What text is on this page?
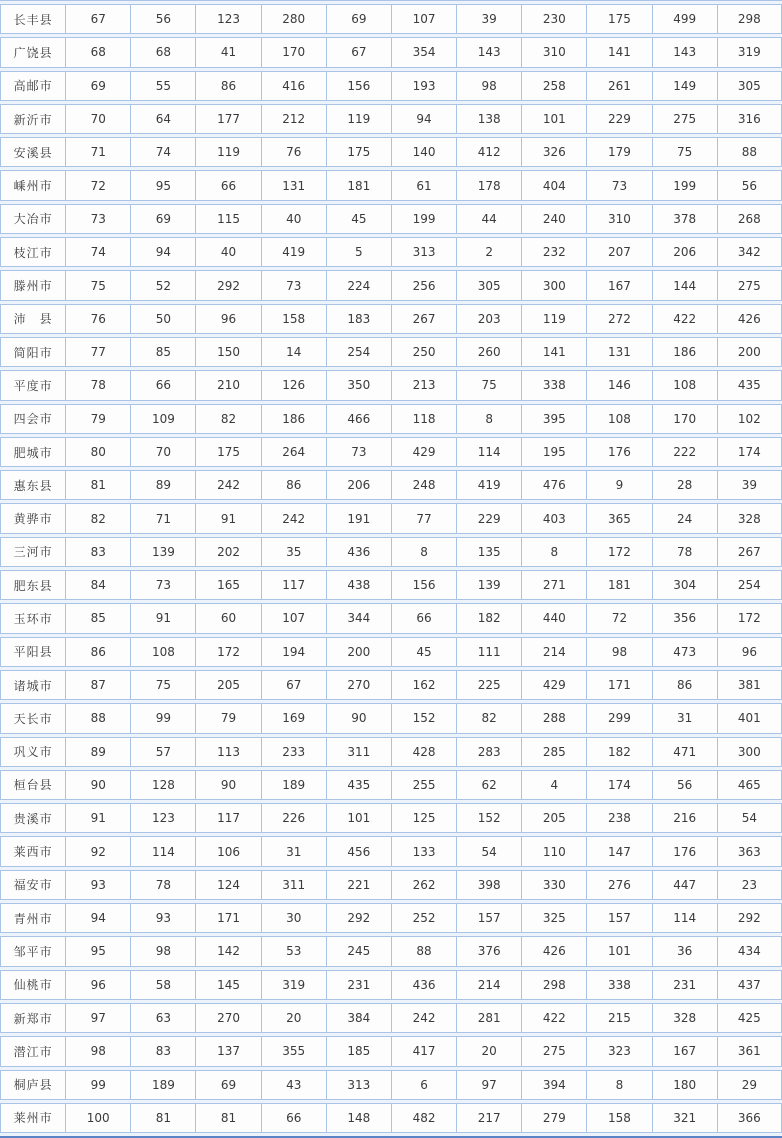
长丰县	67	56	123	280	69	107	39	230	175	499	298
广饶县	68	68	41	170	67	354	143	310	141	143	319
高邮市	69	55	86	416	156	193	98	258	261	149	305
新沂市	70	64	177	212	119	94	138	101	229	275	316
安溪县	71	74	119	76	175	140	412	326	179	75	88
嵊州市	72	95	66	131	181	61	178	404	73	199	56
大冶市	73	69	115	40	45	199	44	240	310	378	268
枝江市	74	94	40	419	5	313	2	232	207	206	342
滕州市	75	52	292	73	224	256	305	300	167	144	275
沛　县	76	50	96	158	183	267	203	119	272	422	426
简阳市	77	85	150	14	254	250	260	141	131	186	200
平度市	78	66	210	126	350	213	75	338	146	108	435
四会市	79	109	82	186	466	118	8	395	108	170	102
肥城市	80	70	175	264	73	429	114	195	176	222	174
惠东县	81	89	242	86	206	248	419	476	9	28	39
黄骅市	82	71	91	242	191	77	229	403	365	24	328
三河市	83	139	202	35	436	8	135	8	172	78	267
肥东县	84	73	165	117	438	156	139	271	181	304	254
玉环市	85	91	60	107	344	66	182	440	72	356	172
平阳县	86	108	172	194	200	45	111	214	98	473	96
诸城市	87	75	205	67	270	162	225	429	171	86	381
天长市	88	99	79	169	90	152	82	288	299	31	401
巩义市	89	57	113	233	311	428	283	285	182	471	300
桓台县	90	128	90	189	435	255	62	4	174	56	465
贵溪市	91	123	117	226	101	125	152	205	238	216	54
莱西市	92	114	106	31	456	133	54	110	147	176	363
福安市	93	78	124	311	221	262	398	330	276	447	23
青州市	94	93	171	30	292	252	157	325	157	114	292
邹平市	95	98	142	53	245	88	376	426	101	36	434
仙桃市	96	58	145	319	231	436	214	298	338	231	437
新郑市	97	63	270	20	384	242	281	422	215	328	425
潜江市	98	83	137	355	185	417	20	275	323	167	361
桐庐县	99	189	69	43	313	6	97	394	8	180	29
莱州市	100	81	81	66	148	482	217	279	158	321	366
